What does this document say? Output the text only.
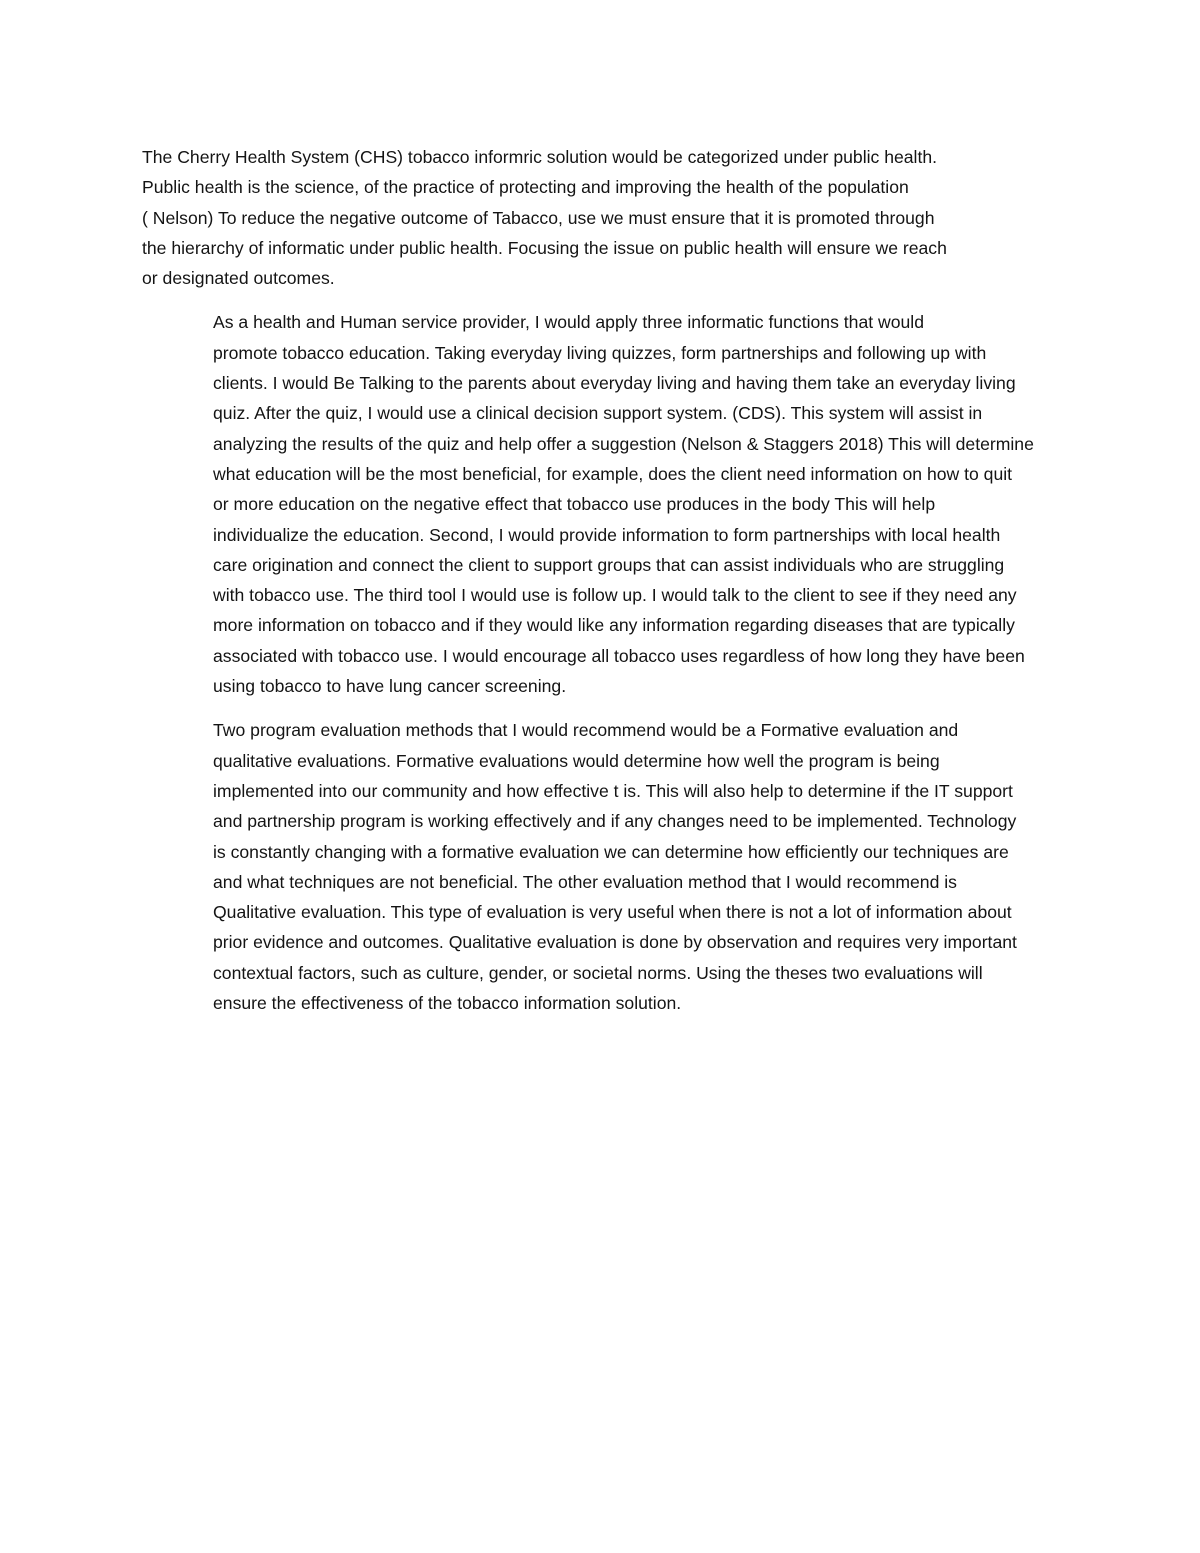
The Cherry Health System (CHS) tobacco informric solution would be categorized under public health.
Public health is the science, of the practice of protecting and improving the health of the population
( Nelson) To reduce the negative outcome of Tabacco, use we must ensure that it is promoted through
the hierarchy of informatic under public health. Focusing the issue on public health will ensure we reach
or designated outcomes.

As a health and Human service provider, I would apply three informatic functions that would
promote tobacco education. Taking everyday living quizzes, form partnerships and following up with
clients. I would Be Talking to the parents about everyday living and having them take an everyday living
quiz. After the quiz, I would use a clinical decision support system. (CDS). This system will assist in
analyzing the results of the quiz and help offer a suggestion (Nelson & Staggers 2018) This will determine
what education will be the most beneficial, for example, does the client need information on how to quit
or more education on the negative effect that tobacco use produces in the body This will help
individualize the education. Second, I would provide information to form partnerships with local health
care origination and connect the client to support groups that can assist individuals who are struggling
with tobacco use. The third tool I would use is follow up. I would talk to the client to see if they need any
more information on tobacco and if they would like any information regarding diseases that are typically
associated with tobacco use. I would encourage all tobacco uses regardless of how long they have been
using tobacco to have lung cancer screening.

Two program evaluation methods that I would recommend would be a Formative evaluation and
qualitative evaluations. Formative evaluations would determine how well the program is being
implemented into our community and how effective t is. This will also help to determine if the IT support
and partnership program is working effectively and if any changes need to be implemented. Technology
is constantly changing with a formative evaluation we can determine how efficiently our techniques are
and what techniques are not beneficial. The other evaluation method that I would recommend is
Qualitative evaluation. This type of evaluation is very useful when there is not a lot of information about
prior evidence and outcomes. Qualitative evaluation is done by observation and requires very important
contextual factors, such as culture, gender, or societal norms. Using the theses two evaluations will
ensure the effectiveness of the tobacco information solution.
